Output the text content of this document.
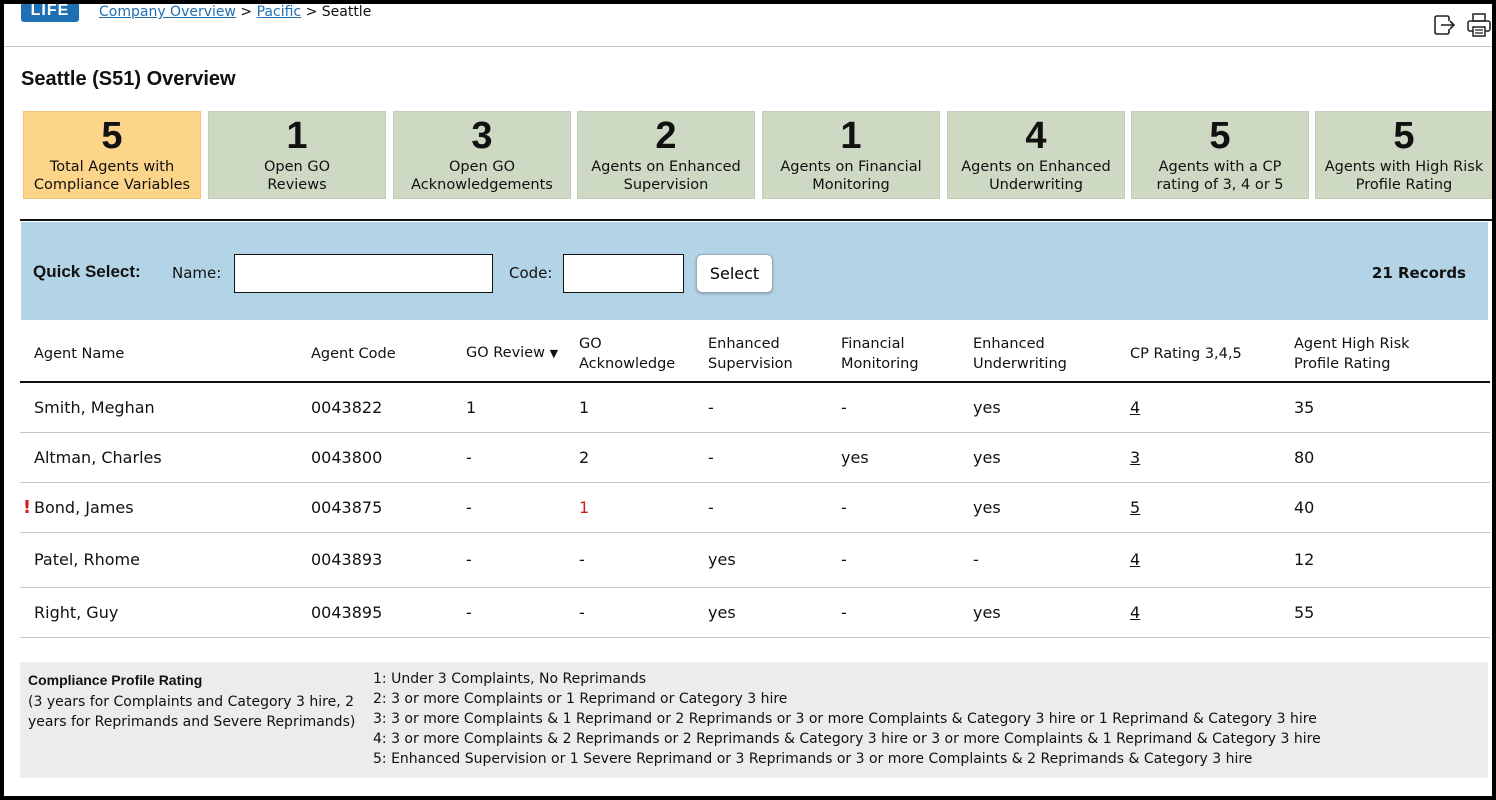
LIFE	Company Overview > Pacific > Seattle
Seattle (S51) Overview
5
Total Agents with Compliance Variables
1
Open GO Reviews
3
Open GO Acknowledgements
2
Agents on Enhanced Supervision
1
Agents on Financial Monitoring
4
Agents on Enhanced Underwriting
5
Agents with a CP rating of 3, 4 or 5
5
Agents with High Risk Profile Rating
Quick Select: Name:	Code:	Select	21 Records
	Agent Name	Agent Code	GO Review ▼	GO Acknowledge	Enhanced Supervision	Financial Monitoring	Enhanced Underwriting	CP Rating 3,4,5	Agent High Risk Profile Rating
	Smith, Meghan	0043822	1	1	-	-	yes	4	35
	Altman, Charles	0043800	-	2	-	yes	yes	3	80
!	Bond, James	0043875	-	1	-	-	yes	5	40
	Patel, Rhome	0043893	-	-	yes	-	-	4	12
	Right, Guy	0043895	-	-	yes	-	yes	4	55
Compliance Profile Rating
(3 years for Complaints and Category 3 hire, 2 years for Reprimands and Severe Reprimands)
1: Under 3 Complaints, No Reprimands
2: 3 or more Complaints or 1 Reprimand or Category 3 hire
3: 3 or more Complaints & 1 Reprimand or 2 Reprimands or 3 or more Complaints & Category 3 hire or 1 Reprimand & Category 3 hire
4: 3 or more Complaints & 2 Reprimands or 2 Reprimands & Category 3 hire or 3 or more Complaints & 1 Reprimand & Category 3 hire
5: Enhanced Supervision or 1 Severe Reprimand or 3 Reprimands or 3 or more Complaints & 2 Reprimands & Category 3 hire
